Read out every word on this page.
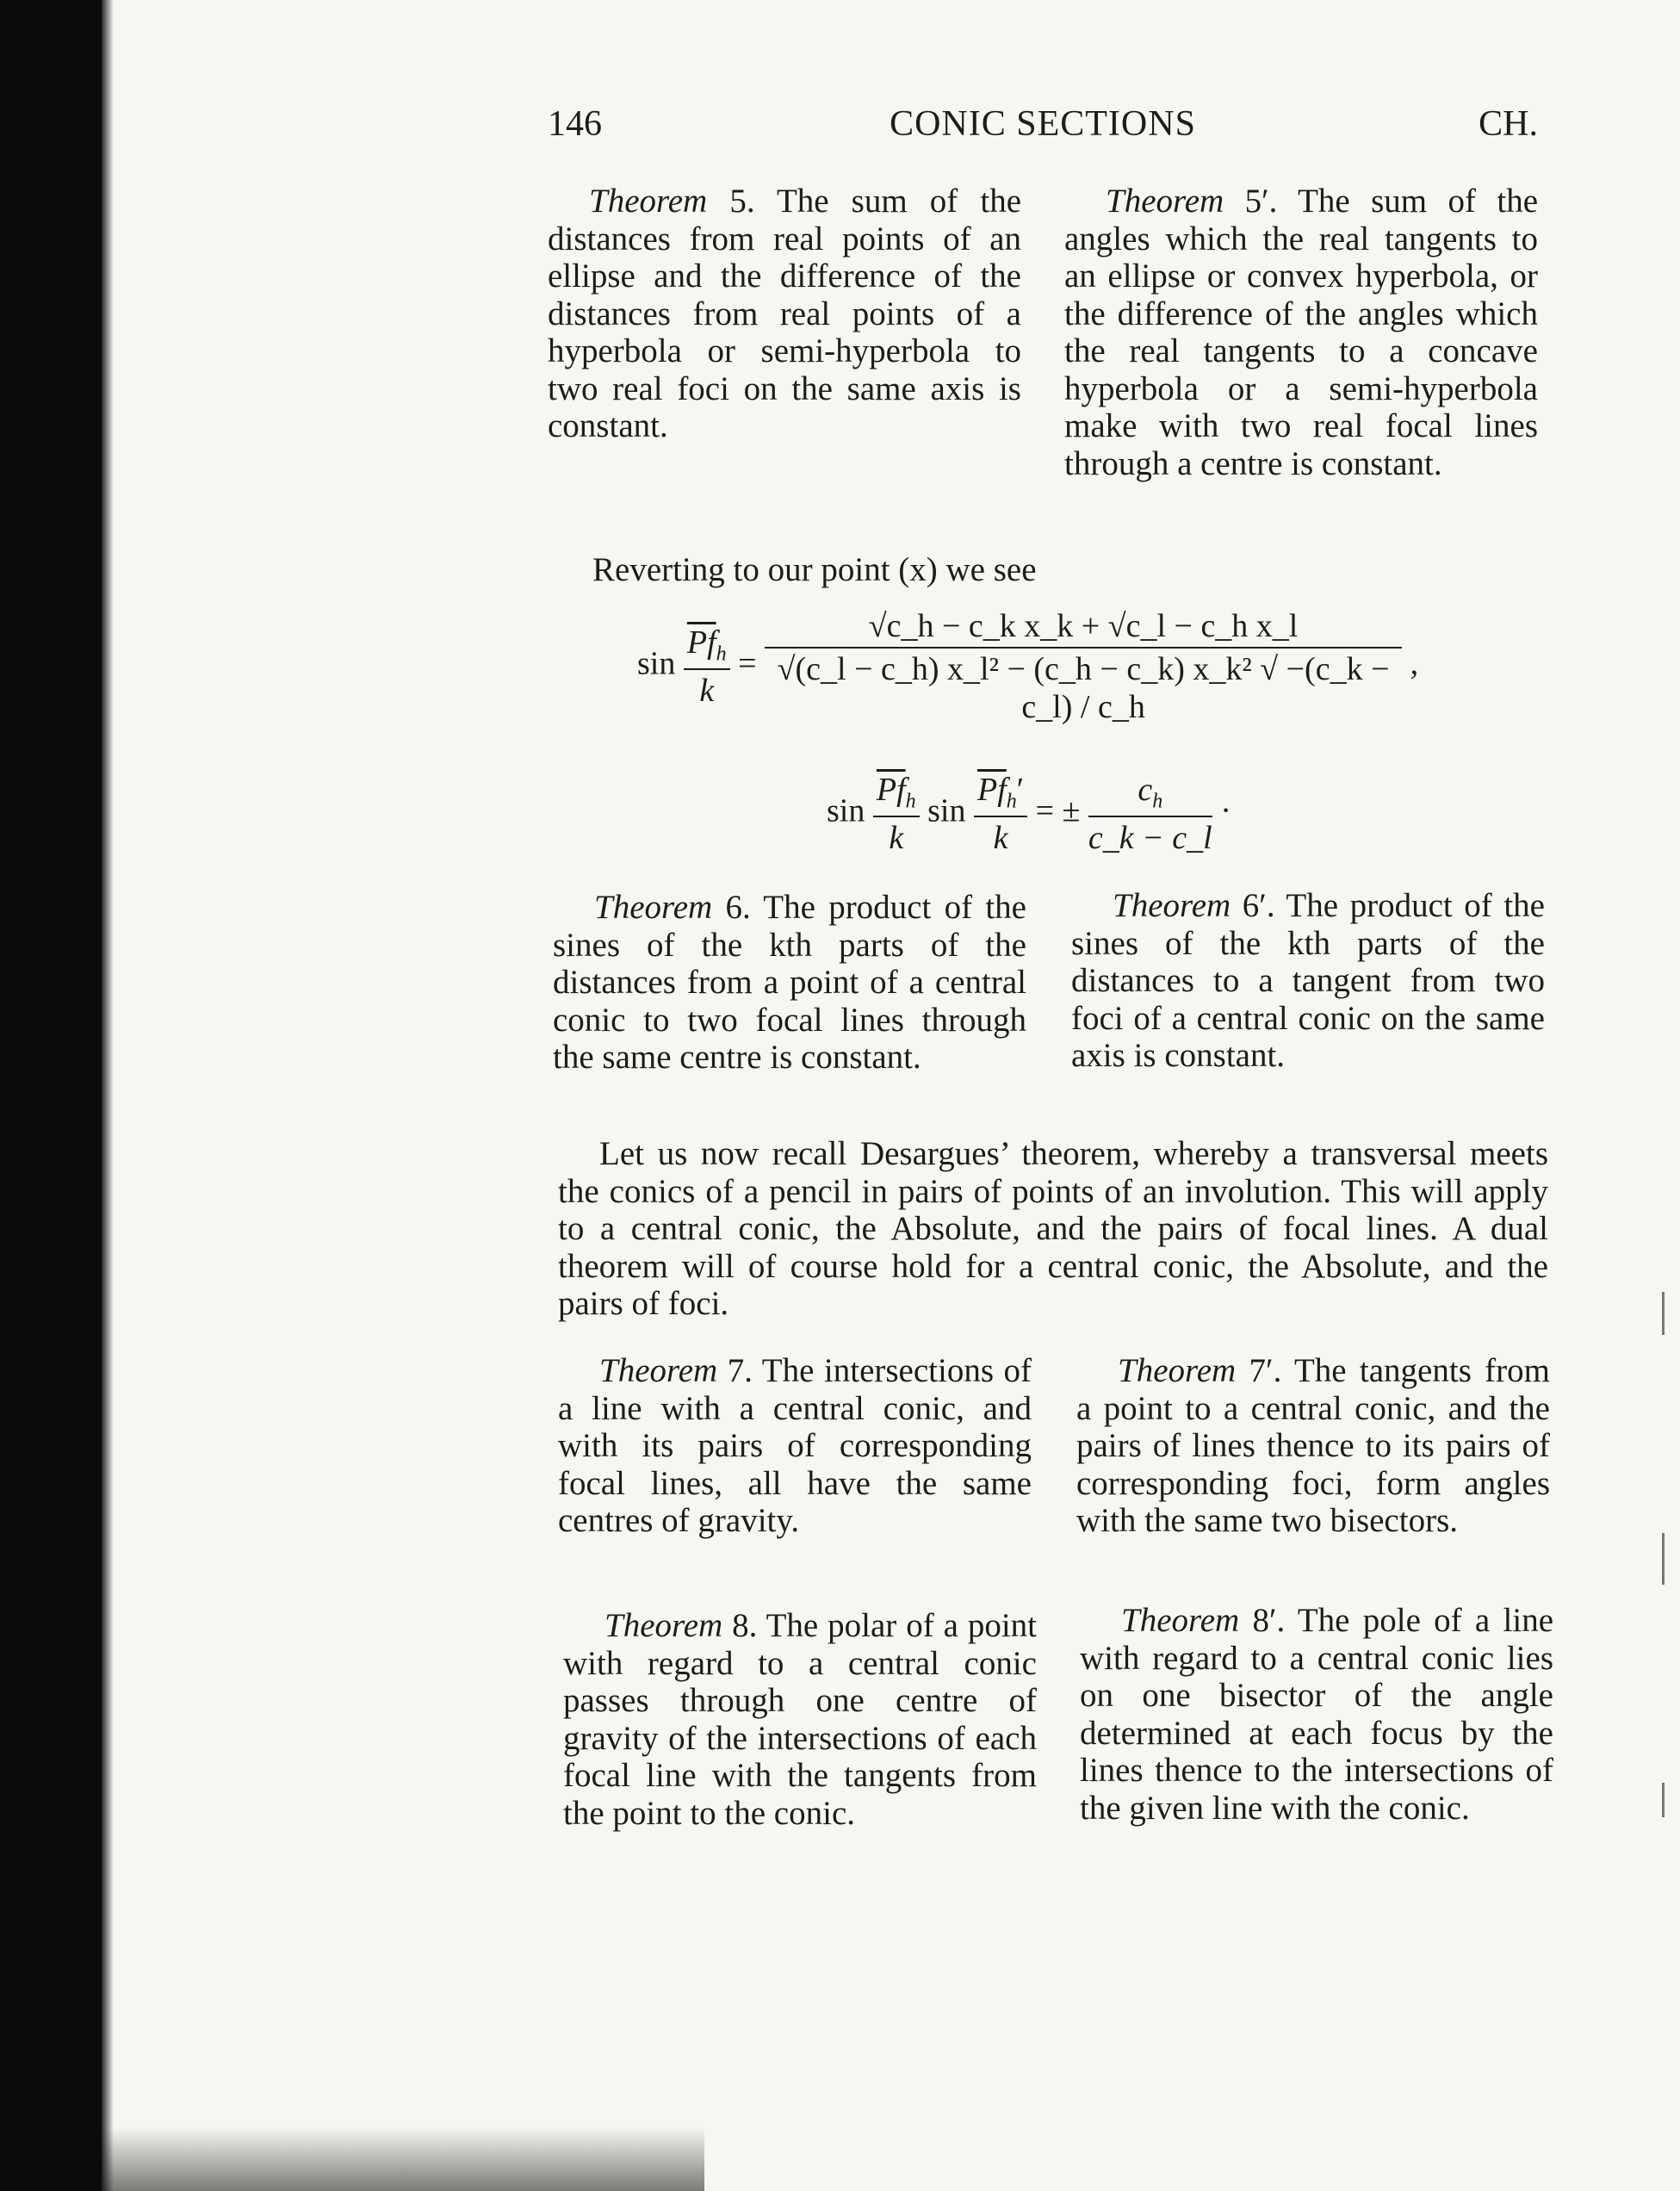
146	CONIC SECTIONS	CH.
Theorem 5. The sum of the distances from real points of an ellipse and the difference of the distances from real points of a hyperbola or semi-hyperbola to two real foci on the same axis is constant.
Theorem 5′. The sum of the angles which the real tangents to an ellipse or convex hyperbola, or the difference of the angles which the real tangents to a concave hyperbola or a semi-hyperbola make with two real focal lines through a centre is constant.
Reverting to our point (x) we see
$\sin \frac{\overline{Pf}_h}{k} = \frac{\text{√c\_h − c\_k x\_k + √c\_l − c\_h x\_l}}{\text{√(c\_l − c\_h) x\_l² − (c\_h − c\_k) x\_k² √ −(c\_k − c\_l) / c\_h}}$ ,
$\sin \frac{\overline{Pf}_h}{k}$ $\sin \frac{\overline{Pf}_h'}{k}$ = ± $\frac{c_h}{c\_k - c\_l}$ ·
Theorem 6. The product of the sines of the kth parts of the distances from a point of a central conic to two focal lines through the same centre is constant.
Theorem 6′. The product of the sines of the kth parts of the distances to a tangent from two foci of a central conic on the same axis is constant.
Let us now recall Desargues’ theorem, whereby a transversal meets the conics of a pencil in pairs of points of an involution. This will apply to a central conic, the Absolute, and the pairs of focal lines. A dual theorem will of course hold for a central conic, the Absolute, and the pairs of foci.
Theorem 7. The intersections of a line with a central conic, and with its pairs of corresponding focal lines, all have the same centres of gravity.
Theorem 7′. The tangents from a point to a central conic, and the pairs of lines thence to its pairs of corresponding foci, form angles with the same two bisectors.
Theorem 8. The polar of a point with regard to a central conic passes through one centre of gravity of the intersections of each focal line with the tangents from the point to the conic.
Theorem 8′. The pole of a line with regard to a central conic lies on one bisector of the angle determined at each focus by the lines thence to the intersections of the given line with the conic.
